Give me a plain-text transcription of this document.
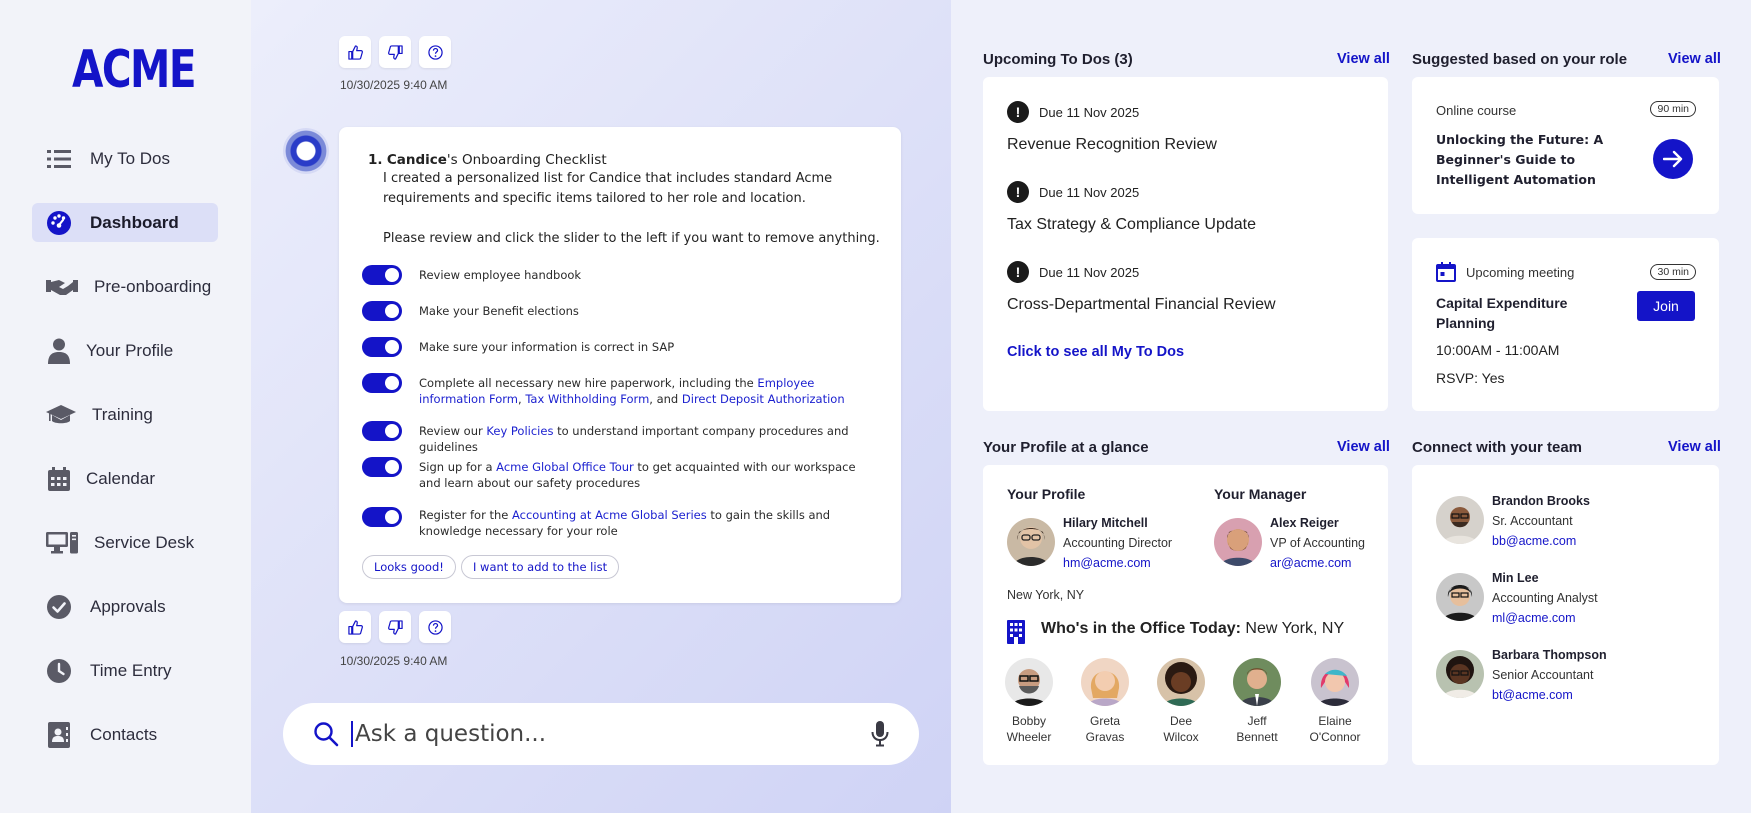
ACME
My To Dos
Dashboard
Pre-onboarding
Your Profile
Training
Calendar
Service Desk
Approvals
Time Entry
Contacts
10/30/2025 9:40 AM
1. Candice's Onboarding Checklist
I created a personalized list for Candice that includes standard Acme
requirements and specific items tailored to her role and location.
Please review and click the slider to the left if you want to remove anything.
Review employee handbook
Make your Benefit elections
Make sure your information is correct in SAP
Complete all necessary new hire paperwork, including the Employee information Form, Tax Withholding Form, and Direct Deposit Authorization
Review our Key Policies to understand important company procedures and guidelines
Sign up for a Acme Global Office Tour to get acquainted with our workspace and learn about our safety procedures
Register for the Accounting at Acme Global Series to gain the skills and knowledge necessary for your role
Looks good!	I want to add to the list
10/30/2025 9:40 AM
Ask a question...
Upcoming To Dos (3)	View all
!	Due 11 Nov 2025
Revenue Recognition Review
!	Due 11 Nov 2025
Tax Strategy & Compliance Update
!	Due 11 Nov 2025
Cross-Departmental Financial Review
Click to see all My To Dos
Suggested based on your role	View all
Online course	90 min
Unlocking the Future: A Beginner's Guide to Intelligent Automation
Upcoming meeting	30 min
Capital Expenditure Planning
Join
10:00AM - 11:00AM
RSVP: Yes
Your Profile at a glance	View all
Your Profile	Your Manager
Hilary Mitchell
Accounting Director
hm@acme.com
Alex Reiger
VP of Accounting
ar@acme.com
New York, NY
Who's in the Office Today: New York, NY
Bobby
Wheeler
Greta
Gravas
Dee
Wilcox
Jeff
Bennett
Elaine
O'Connor
Connect with your team	View all
Brandon Brooks
Sr. Accountant
bb@acme.com
Min Lee
Accounting Analyst
ml@acme.com
Barbara Thompson
Senior Accountant
bt@acme.com
